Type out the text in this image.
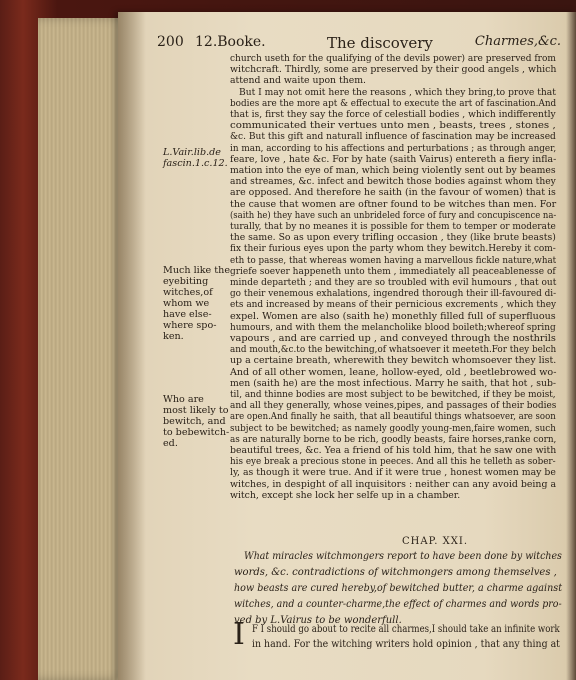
200 12.Booke.	The discovery	Charmes,&c.
church useth for the qualifying of the devils power) are preserved from
witchcraft. Thirdly, some are preserved by their good angels , which
attend and waite upon them.
But I may not omit here the reasons , which they bring,to prove that
bodies are the more apt & effectual to execute the art of fascination.And
that is, first they say the force of celestiall bodies , which indifferently
communicated their vertues unto men , beasts, trees , stones ,
&c. But this gift and naturall influence of fascination may be increased
in man, according to his affections and perturbations ; as through anger,
feare, love , hate &c. For by hate (saith Vairus) entereth a fiery infla-
mation into the eye of man, which being violently sent out by beames
and streames, &c. infect and bewitch those bodies against whom they
are opposed. And therefore he saith (in the favour of women) that is
the cause that women are oftner found to be witches than men. For
(saith he) they have such an unbrideled force of fury and concupiscence na-
turally, that by no meanes it is possible for them to temper or moderate
the same. So as upon every trifling occasion , they (like brute beasts)
fix their furious eyes upon the party whom they bewitch.Hereby it com-
eth to passe, that whereas women having a marvellous fickle nature,what
griefe soever happeneth unto them , immediately all peaceablenesse of
minde departeth ; and they are so troubled with evil humours , that out
go their venemous exhalations, ingendred thorough their ill-favoured di-
ets and increased by means of their pernicious excrements , which they
expel. Women are also (saith he) monethly filled full of superfluous
humours, and with them the melancholike blood boileth;whereof spring
vapours , and are carried up , and conveyed through the nosthrils
and mouth,&c.to the bewitching,of whatsoever it meeteth.For they belch
up a certaine breath, wherewith they bewitch whomsoever they list.
And of all other women, leane, hollow-eyed, old , beetlebrowed wo-
men (saith he) are the most infectious. Marry he saith, that hot , sub-
til, and thinne bodies are most subject to be bewitched, if they be moist,
and all they generally, whose veines,pipes, and passages of their bodies
are open.And finally he saith, that all beautiful things whatsoever, are soon
subject to be bewitched; as namely goodly young-men,faire women, such
as are naturally borne to be rich, goodly beasts, faire horses,ranke corn,
beautiful trees, &c. Yea a friend of his told him, that he saw one with
his eye break a precious stone in peeces. And all this he telleth as sober-
ly, as though it were true. And if it were true , honest women may be
witches, in despight of all inquisitors : neither can any avoid being a
witch, except she lock her selfe up in a chamber.
L.Vair.lib.de
fascin.1.c.12.
Much like the
eyebiting
witches,of
whom we
have else-
where spo-
ken.
Who are
most likely to
bewitch, and
to bebewitch-
ed.
CHAP. XXI.
What miracles witchmongers report to have been done by witches
words, &c. contradictions of witchmongers among themselves ,
how beasts are cured hereby,of bewitched butter, a charme against
witches, and a counter-charme,the effect of charmes and words pro-
ved by L.Vairus to be wonderfull.
I F I should go about to recite all charmes,I should take an infinite work
in hand. For the witching writers hold opinion , that any thing at
